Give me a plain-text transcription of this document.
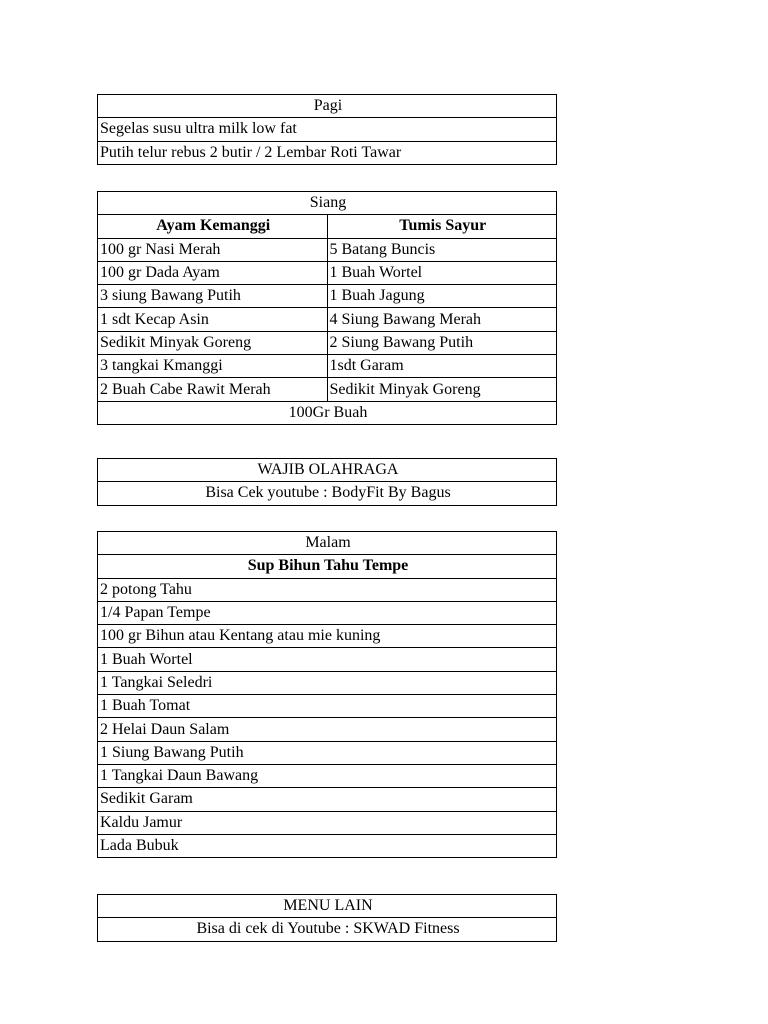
Pagi
Segelas susu ultra milk low fat
Putih telur rebus 2 butir / 2 Lembar Roti Tawar
Siang	
Ayam Kemanggi	Tumis Sayur
100 gr Nasi Merah	5 Batang Buncis
100 gr Dada Ayam	1 Buah Wortel
3 siung Bawang Putih	1 Buah Jagung
1 sdt Kecap Asin	4 Siung Bawang Merah
Sedikit Minyak Goreng	2 Siung Bawang Putih
3 tangkai Kmanggi	1sdt Garam
2 Buah Cabe Rawit Merah	Sedikit Minyak Goreng
100Gr Buah	
WAJIB OLAHRAGA
Bisa Cek youtube : BodyFit By Bagus
Malam
Sup Bihun Tahu Tempe
2 potong Tahu
1/4 Papan Tempe
100 gr Bihun atau Kentang atau mie kuning
1 Buah Wortel
1 Tangkai Seledri
1 Buah Tomat
2 Helai Daun Salam
1 Siung Bawang Putih
1 Tangkai Daun Bawang
Sedikit Garam
Kaldu Jamur
Lada Bubuk
MENU LAIN
Bisa di cek di Youtube : SKWAD Fitness
